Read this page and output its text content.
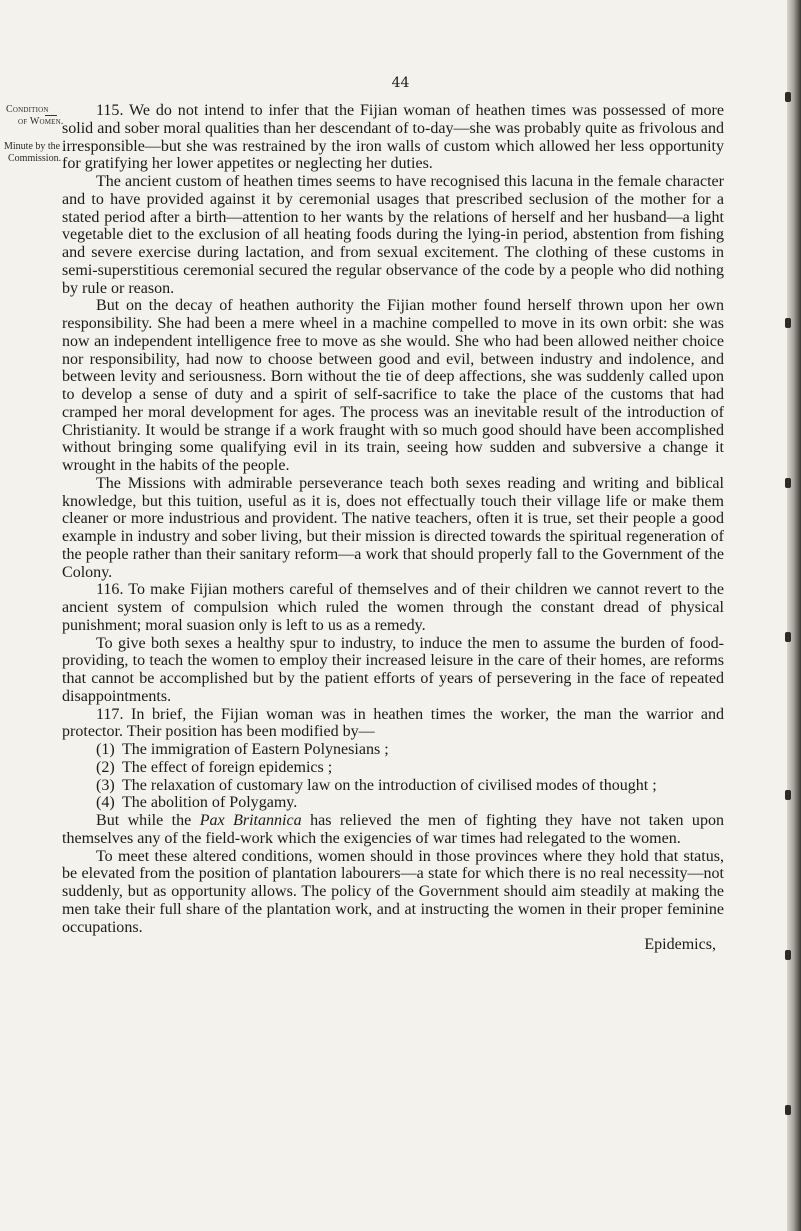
44
Condition
of Women.
Minute by the
Commission.

115. We do not intend to infer that the Fijian woman of heathen times was possessed of more solid and sober moral qualities than her descendant of to-day—she was probably quite as frivolous and irresponsible—but she was restrained by the iron walls of custom which allowed her less opportunity for gratifying her lower appetites or neglecting her duties.

The ancient custom of heathen times seems to have recognised this lacuna in the female character and to have provided against it by ceremonial usages that prescribed seclusion of the mother for a stated period after a birth—attention to her wants by the relations of herself and her husband—a light vegetable diet to the exclusion of all heating foods during the lying-in period, abstention from fishing and severe exercise during lactation, and from sexual excitement. The clothing of these customs in semi-superstitious ceremonial secured the regular observance of the code by a people who did nothing by rule or reason.

But on the decay of heathen authority the Fijian mother found herself thrown upon her own responsibility. She had been a mere wheel in a machine compelled to move in its own orbit: she was now an independent intelligence free to move as she would. She who had been allowed neither choice nor responsibility, had now to choose between good and evil, between industry and indolence, and between levity and seriousness. Born without the tie of deep affections, she was suddenly called upon to develop a sense of duty and a spirit of self-sacrifice to take the place of the customs that had cramped her moral development for ages. The process was an inevitable result of the introduction of Christianity. It would be strange if a work fraught with so much good should have been accomplished without bringing some qualifying evil in its train, seeing how sudden and subversive a change it wrought in the habits of the people.

The Missions with admirable perseverance teach both sexes reading and writing and biblical knowledge, but this tuition, useful as it is, does not effectually touch their village life or make them cleaner or more industrious and provident. The native teachers, often it is true, set their people a good example in industry and sober living, but their mission is directed towards the spiritual regeneration of the people rather than their sanitary reform—a work that should properly fall to the Government of the Colony.

116. To make Fijian mothers careful of themselves and of their children we cannot revert to the ancient system of compulsion which ruled the women through the constant dread of physical punishment; moral suasion only is left to us as a remedy.

To give both sexes a healthy spur to industry, to induce the men to assume the burden of food-providing, to teach the women to employ their increased leisure in the care of their homes, are reforms that cannot be accomplished but by the patient efforts of years of persevering in the face of repeated disappointments.

117. In brief, the Fijian woman was in heathen times the worker, the man the warrior and protector. Their position has been modified by—

(1) The immigration of Eastern Polynesians ;
(2) The effect of foreign epidemics ;
(3) The relaxation of customary law on the introduction of civilised modes of thought ;
(4) The abolition of Polygamy.

But while the Pax Britannica has relieved the men of fighting they have not taken upon themselves any of the field-work which the exigencies of war times had relegated to the women.

To meet these altered conditions, women should in those provinces where they hold that status, be elevated from the position of plantation labourers—a state for which there is no real necessity—not suddenly, but as opportunity allows. The policy of the Government should aim steadily at making the men take their full share of the plantation work, and at instructing the women in their proper feminine occupations.

Epidemics,
